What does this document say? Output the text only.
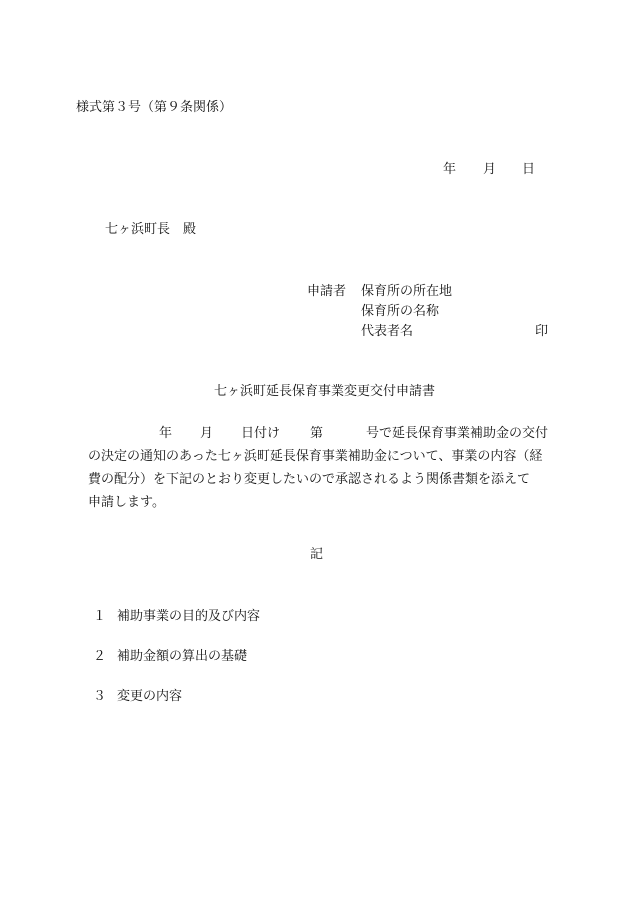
様式第３号（第９条関係）
年 月 日
七ヶ浜町長　殿
申請者 保育所の所在地
保育所の名称
代表者名	印
七ヶ浜町延長保育事業変更交付申請書
年 月 日付け 第	号で延長保育事業補助金の交付
の決定の通知のあった七ヶ浜町延長保育事業補助金について、事業の内容（経
費の配分）を下記のとおり変更したいので承認されるよう関係書類を添えて
申請します。
記
１ 補助事業の目的及び内容
２ 補助金額の算出の基礎
３ 変更の内容
